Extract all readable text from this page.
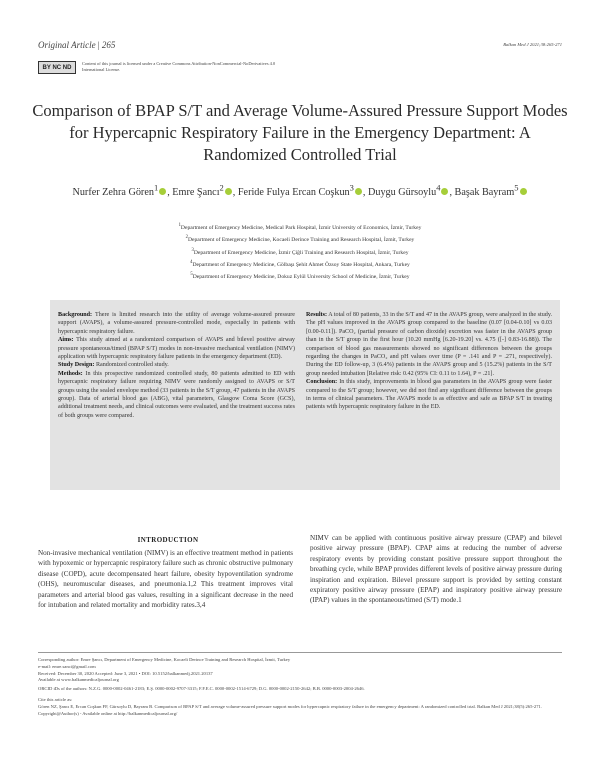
Original Article | 265	Balkan Med J 2021;38:265-271
BY NC ND
Content of this journal is licensed under a Creative Commons Attribution-NonCommercial-NoDerivatives 4.0 International License.
Comparison of BPAP S/T and Average Volume-Assured Pressure Support Modes for Hypercapnic Respiratory Failure in the Emergency Department: A Randomized Controlled Trial
Nurfer Zehra Gören$^1$ , Emre Şancı$^2$ , Feride Fulya Ercan Coşkun$^3$ , Duygu Gürsoylu$^4$ , Başak Bayram$^5$
$^1$Department of Emergency Medicine, Medical Park Hospital, İzmir University of Economics, İzmir, Turkey
$^2$Department of Emergency Medicine, Kocaeli Derince Training and Research Hospital, İzmit, Turkey
$^3$Department of Emergency Medicine, İzmir Çiğli Training and Research Hospital, İzmir, Turkey
$^4$Department of Emergency Medicine, Gölbaşı Şehit Ahmet Özsoy State Hospital, Ankara, Turkey
$^5$Department of Emergency Medicine, Dokuz Eylül University School of Medicine, İzmir, Turkey

Background: There is limited research into the utility of average volume-assured pressure support (AVAPS), a volume-assured pressure-controlled mode, especially in patients with hypercapnic respiratory failure.

Aims: This study aimed at a randomized comparison of AVAPS and bilevel positive airway pressure spontaneous/timed (BPAP S/T) modes in non-invasive mechanical ventilation (NIMV) application with hypercapnic respiratory failure patients in the emergency department (ED).

Study Design: Randomized controlled study.

Methods: In this prospective randomized controlled study, 80 patients admitted to ED with hypercapnic respiratory failure requiring NIMV were randomly assigned to AVAPS or S/T groups using the sealed envelope method (33 patients in the S/T group, 47 patients in the AVAPS group). Data of arterial blood gas (ABG), vital parameters, Glasgow Coma Score (GCS), additional treatment needs, and clinical outcomes were evaluated, and the treatment success rates of both groups were compared.

Results: A total of 80 patients, 33 in the S/T and 47 in the AVAPS group, were analyzed in the study. The pH values improved in the AVAPS group compared to the baseline (0.07 [0.04-0.10] vs 0.03 [0.00-0.11]). PaCO₂ (partial pressure of carbon dioxide) excretion was faster in the AVAPS group than in the S/T group in the first hour (10.20 mmHg [6.20-19.20] vs. 4.75 ([-] 0.83-16.88)). The comparison of blood gas measurements showed no significant differences between the groups regarding the changes in PaCO₂ and pH values over time (P = .141 and P = .271, respectively). During the ED follow-up, 3 (6.4%) patients in the AVAPS group and 5 (15.2%) patients in the S/T group needed intubation [Relative risk: 0.42 (95% CI: 0.11 to 1.64), P = .21].

Conclusion: In this study, improvements in blood gas parameters in the AVAPS group were faster compared to the S/T group; however, we did not find any significant difference between the groups in terms of clinical parameters. The AVAPS mode is as effective and safe as BPAP S/T in treating patients with hypercapnic respiratory failure in the ED.

INTRODUCTION

Non-invasive mechanical ventilation (NIMV) is an effective treatment method in patients with hypoxemic or hypercapnic respiratory failure such as chronic obstructive pulmonary disease (COPD), acute decompensated heart failure, obesity hypoventilation syndrome (OHS), neuromuscular diseases, and pneumonia.1,2 This treatment improves vital parameters and arterial blood gas values, resulting in a significant decrease in the need for intubation and related mortality and morbidity rates.3,4

NIMV can be applied with continuous positive airway pressure (CPAP) and bilevel positive airway pressure (BPAP). CPAP aims at reducing the number of adverse respiratory events by providing constant positive pressure support throughout the breathing cycle, while BPAP provides different levels of positive airway pressure during inspiration and expiration. Bilevel pressure support is provided by setting constant expiratory positive airway pressure (EPAP) and inspiratory positive airway pressure (IPAP) values in the spontaneous/timed (S/T) mode.1

Corresponding author: Emre Şancı, Department of Emergency Medicine, Kocaeli Derince Training and Research Hospital, İzmit, Turkey
e-mail: emre.sanci@gmail.com
Received: December 30, 2020 Accepted: June 3, 2021 • DOI: 10.5152/balkanmedj.2021.20137
Available at www.balkanmedicaljournal.org
ORCID iDs of the authors: N.Z.G. 0000-0002-0461-2183; E.Ş. 0000-0002-9707-3315; F.F.E.C. 0000-0002-1514-6729; D.G. 0000-0002-2150-2642; B.B. 0000-0003-2004-2646.
Cite this article as:
Gören NZ, Şancı E, Ercan Coşkun FF, Gürsoylu D, Bayram B. Comparison of BPAP S/T and average volume-assured pressure support modes for hypercapnic respiratory failure in the emergency department: A randomized controlled trial. Balkan Med J 2021;38(5):265-271.
Copyright@Author(s) - Available online at http://balkanmedicaljournal.org/
